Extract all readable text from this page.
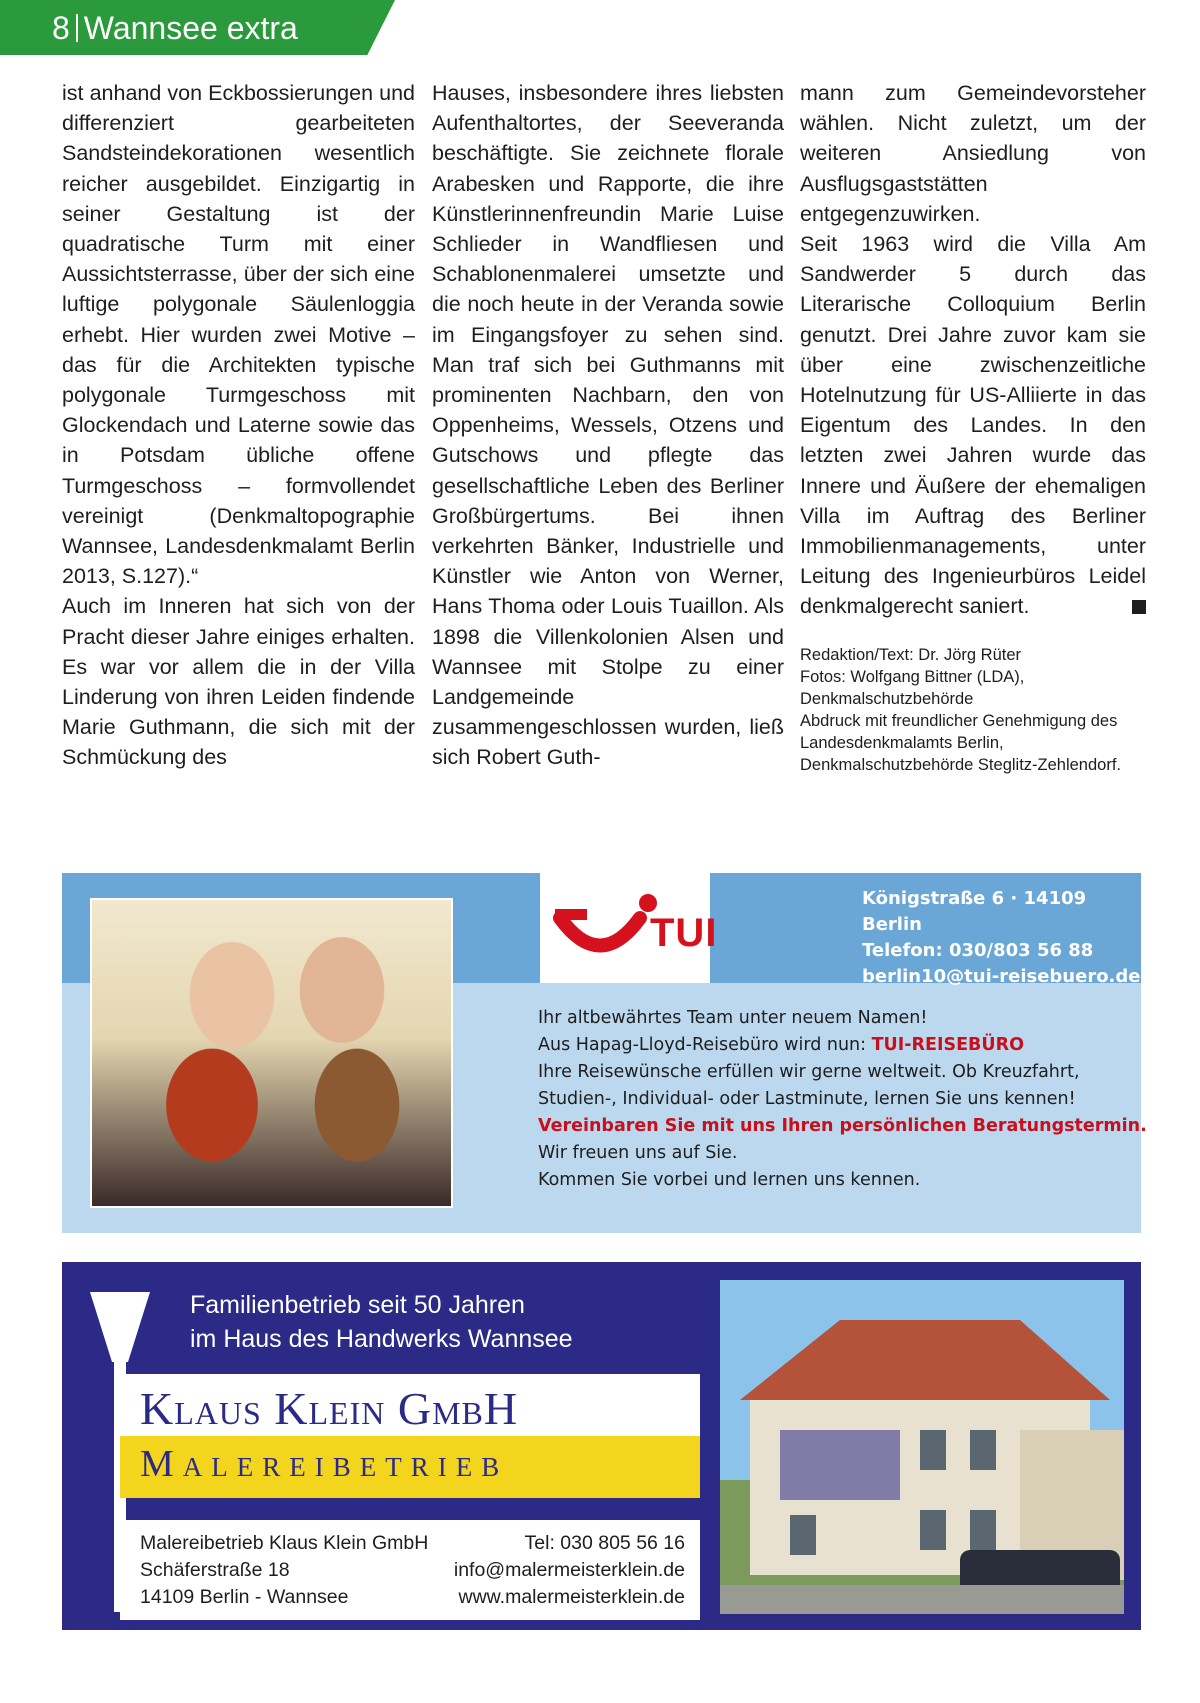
8 Wannsee extra

ist anhand von Eckbossierungen und differenziert gearbeiteten Sandsteindekorationen wesentlich reicher ausgebildet. Einzigartig in seiner Gestaltung ist der quadratische Turm mit einer Aussichtsterrasse, über der sich eine luftige polygonale Säulenloggia erhebt. Hier wurden zwei Motive – das für die Architekten typische polygonale Turmgeschoss mit Glockendach und Laterne sowie das in Potsdam übliche offene Turmgeschoss – formvollendet vereinigt (Denkmaltopographie Wannsee, Landesdenkmalamt Berlin 2013, S.127).“

Auch im Inneren hat sich von der Pracht dieser Jahre einiges erhalten. Es war vor allem die in der Villa Linderung von ihren Leiden findende Marie Guthmann, die sich mit der Schmückung des

Hauses, insbesondere ihres liebsten Aufenthaltortes, der Seeveranda beschäftigte. Sie zeichnete florale Arabesken und Rapporte, die ihre Künstlerinnenfreundin Marie Luise Schlieder in Wandfliesen und Schablonenmalerei umsetzte und die noch heute in der Veranda sowie im Eingangsfoyer zu sehen sind. Man traf sich bei Guthmanns mit prominenten Nachbarn, den von Oppenheims, Wessels, Otzens und Gutschows und pflegte das gesellschaftliche Leben des Berliner Großbürgertums. Bei ihnen verkehrten Bänker, Industrielle und Künstler wie Anton von Werner, Hans Thoma oder Louis Tuaillon. Als 1898 die Villenkolonien Alsen und Wannsee mit Stolpe zu einer Landgemeinde zusammengeschlossen wurden, ließ sich Robert Guth-

mann zum Gemeindevorsteher wählen. Nicht zuletzt, um der weiteren Ansiedlung von Ausflugsgaststätten entgegenzuwirken.

Seit 1963 wird die Villa Am Sandwerder 5 durch das Literarische Colloquium Berlin genutzt. Drei Jahre zuvor kam sie über eine zwischenzeitliche Hotelnutzung für US-Alliierte in das Eigentum des Landes. In den letzten zwei Jahren wurde das Innere und Äußere der ehemaligen Villa im Auftrag des Berliner Immobilienmanagements, unter Leitung des Ingenieurbüros Leidel denkmalgerecht saniert.

Redaktion/Text: Dr. Jörg Rüter
Fotos: Wolfgang Bittner (LDA), Denkmalschutzbehörde
Abdruck mit freundlicher Genehmigung des Landesdenkmalamts Berlin, Denkmalschutzbehörde Steglitz-Zehlendorf.
TUI
Königstraße 6 · 14109 Berlin
Telefon: 030/803 56 88
berlin10@tui-reisebuero.de
Ihr altbewährtes Team unter neuem Namen!
Aus Hapag-Lloyd-Reisebüro wird nun: TUI-REISEBÜRO
Ihre Reisewünsche erfüllen wir gerne weltweit. Ob Kreuzfahrt,
Studien-, Individual- oder Lastminute, lernen Sie uns kennen!
Vereinbaren Sie mit uns Ihren persönlichen Beratungstermin.
Wir freuen uns auf Sie.
Kommen Sie vorbei und lernen uns kennen.
Familienbetrieb seit 50 Jahren
im Haus des Handwerks Wannsee
Klaus Klein GmbH
Malereibetrieb
Malereibetrieb Klaus Klein GmbH	Tel: 030 805 56 16
Schäferstraße 18	info@malermeisterklein.de
14109 Berlin - Wannsee	www.malermeisterklein.de
